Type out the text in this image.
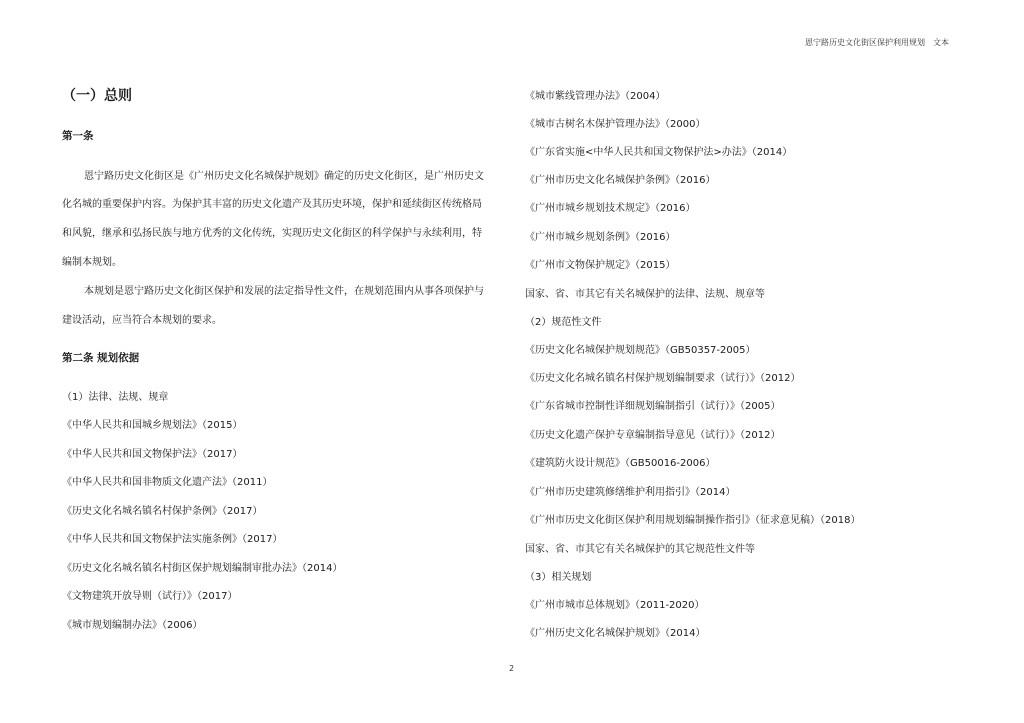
恩宁路历史文化街区保护利用规划　文本
（一）总则
第一条
恩宁路历史文化街区是《广州历史文化名城保护规划》确定的历史文化街区，是广州历史文
化名城的重要保护内容。为保护其丰富的历史文化遗产及其历史环境，保护和延续街区传统格局
和风貌，继承和弘扬民族与地方优秀的文化传统，实现历史文化街区的科学保护与永续利用，特
编制本规划。
本规划是恩宁路历史文化街区保护和发展的法定指导性文件，在规划范围内从事各项保护与
建设活动，应当符合本规划的要求。
第二条 规划依据
（1）法律、法规、规章
《中华人民共和国城乡规划法》（2015）
《中华人民共和国文物保护法》（2017）
《中华人民共和国非物质文化遗产法》（2011）
《历史文化名城名镇名村保护条例》（2017）
《中华人民共和国文物保护法实施条例》（2017）
《历史文化名城名镇名村街区保护规划编制审批办法》（2014）
《文物建筑开放导则（试行）》（2017）
《城市规划编制办法》（2006）
《城市紫线管理办法》（2004）
《城市古树名木保护管理办法》（2000）
《广东省实施<中华人民共和国文物保护法>办法》（2014）
《广州市历史文化名城保护条例》（2016）
《广州市城乡规划技术规定》（2016）
《广州市城乡规划条例》（2016）
《广州市文物保护规定》（2015）
国家、省、市其它有关名城保护的法律、法规、规章等
（2）规范性文件
《历史文化名城保护规划规范》（GB50357-2005）
《历史文化名城名镇名村保护规划编制要求（试行）》（2012）
《广东省城市控制性详细规划编制指引（试行）》（2005）
《历史文化遗产保护专章编制指导意见（试行）》（2012）
《建筑防火设计规范》（GB50016-2006）
《广州市历史建筑修缮维护利用指引》（2014）
《广州市历史文化街区保护利用规划编制操作指引》（征求意见稿）（2018）
国家、省、市其它有关名城保护的其它规范性文件等
（3）相关规划
《广州市城市总体规划》（2011-2020）
《广州历史文化名城保护规划》（2014）
2
